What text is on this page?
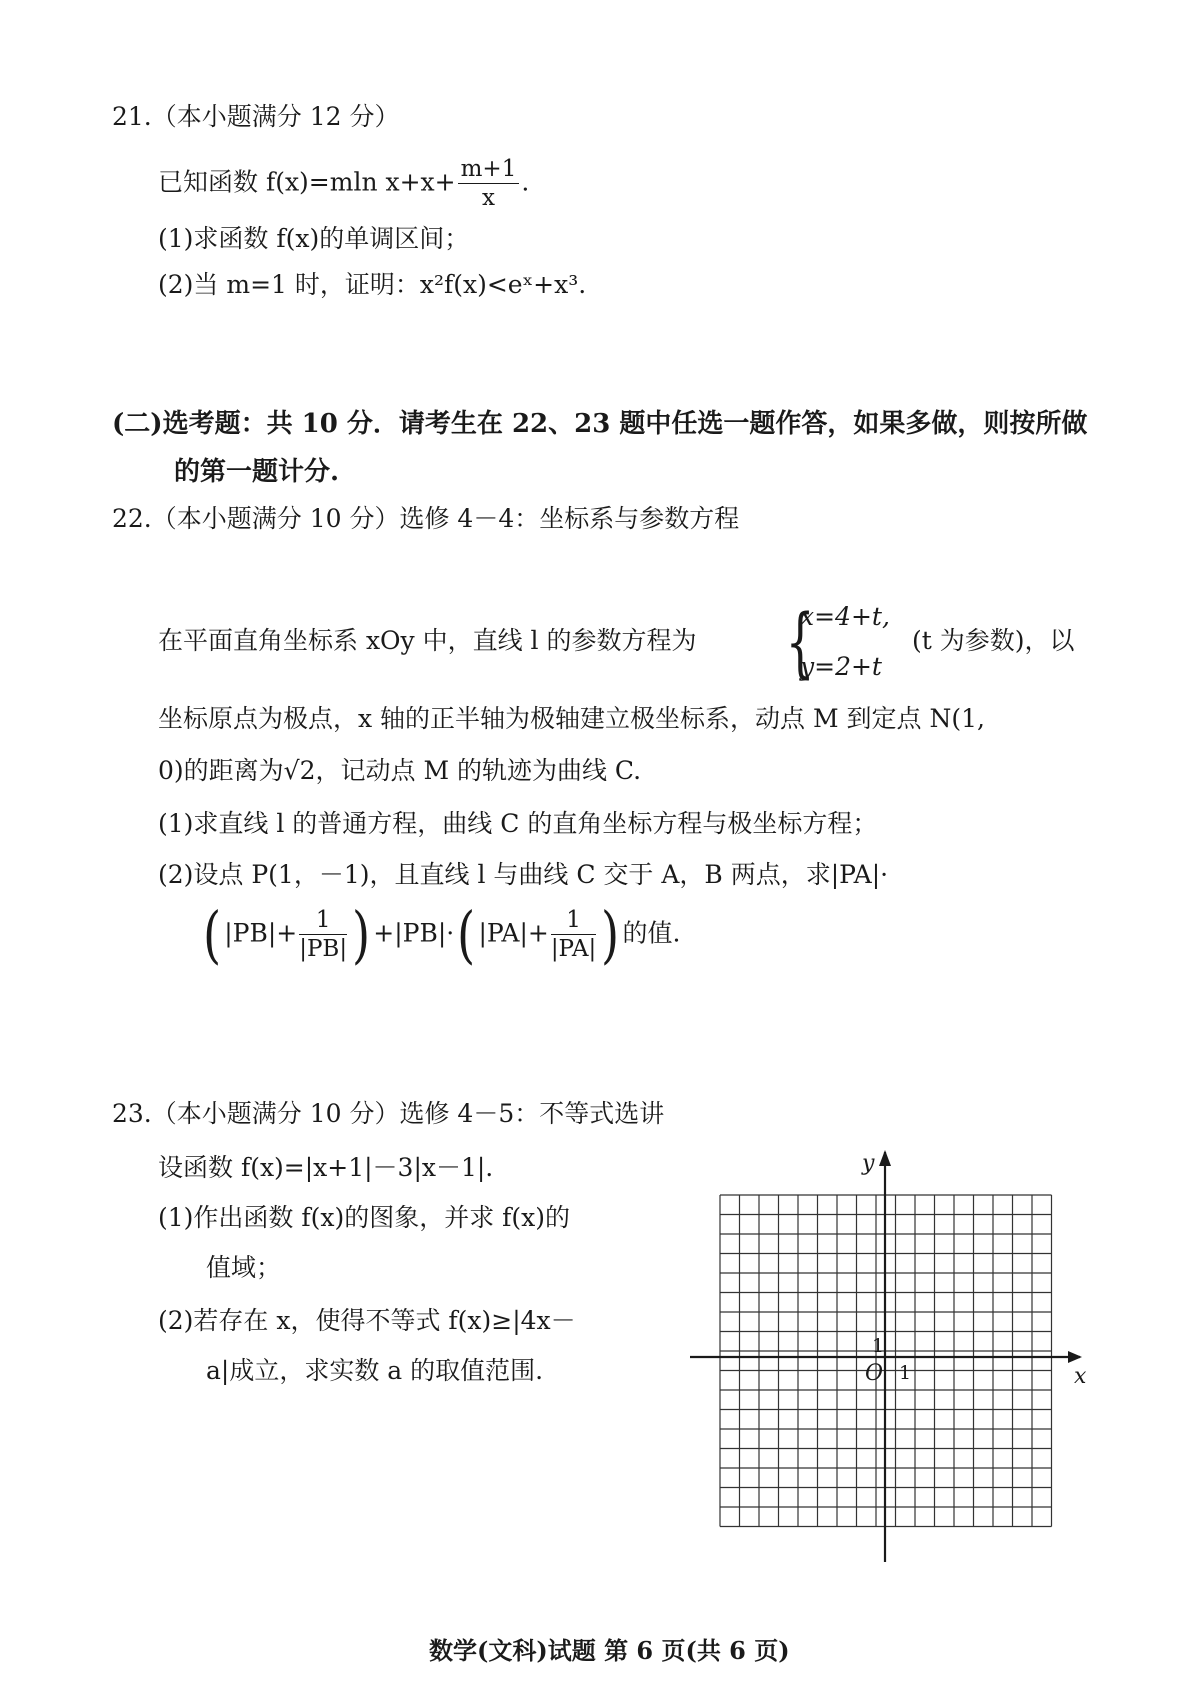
21.（本小题满分 12 分）
已知函数 f(x)=mln $x+x+ \frac{m+1}{x}$ .
(1)求函数 f(x)的单调区间；
(2)当 m=1 时，证明：x²f(x)<eˣ+x³.
(二)选考题：共 10 分．请考生在 22、23 题中任选一题作答，如果多做，则按所做
的第一题计分.
22.（本小题满分 10 分）选修 4－4：坐标系与参数方程
在平面直角坐标系 xOy 中，直线 l 的参数方程为 {
x=4+t,
y=2+t
(t 为参数)，以
坐标原点为极点，x 轴的正半轴为极轴建立极坐标系，动点 M 到定点 N(1,
0)的距离为√2，记动点 M 的轨迹为曲线 C.
(1)求直线 l 的普通方程，曲线 C 的直角坐标方程与极坐标方程；
(2)设点 P(1，－1)，且直线 l 与曲线 C 交于 A，B 两点，求|PA|·
( $|PB|+ \frac{1}{|PB|}$ ) +|PB|·( $|PA|+ \frac{1}{|PA|}$ ) 的值.
23.（本小题满分 10 分）选修 4－5：不等式选讲
设函数 f(x)=|x+1|－3|x－1|.
(1)作出函数 f(x)的图象，并求 f(x)的
值域；
(2)若存在 x，使得不等式 f(x)≥|4x－
a|成立，求实数 a 的取值范围.	x
y
O 1
1
数学(文科)试题 第 6 页(共 6 页)
